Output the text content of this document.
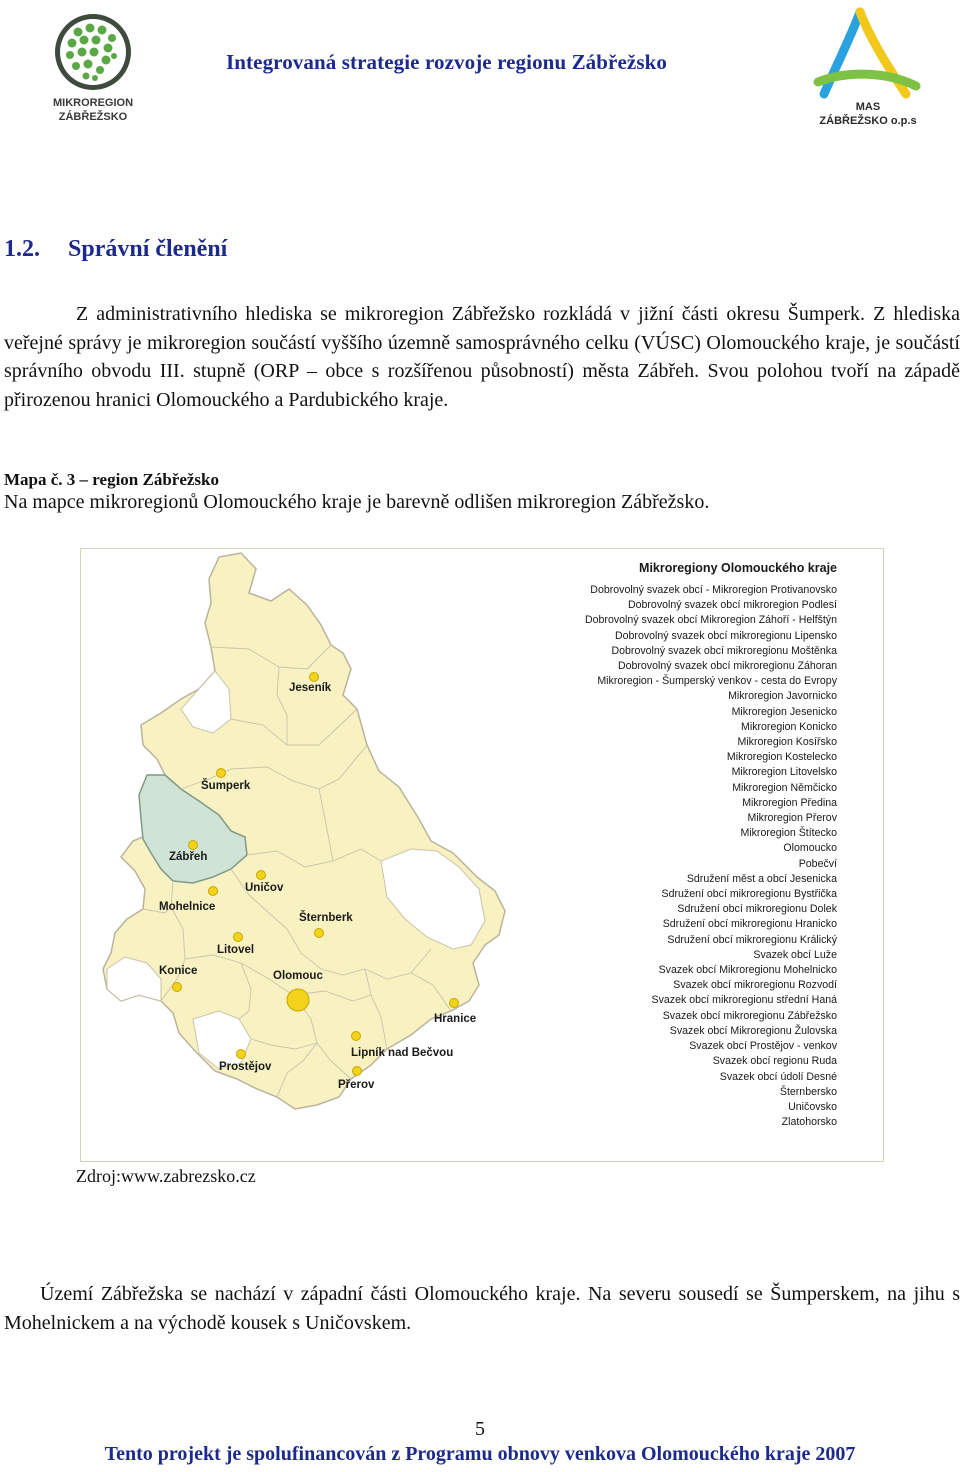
MIKROREGION
ZÁBŘEŽSKO
Integrovaná strategie rozvoje regionu Zábřežsko
MAS
ZÁBŘEŽSKO o.p.s
1.2. Správní členění

Z administrativního hlediska se mikroregion Zábřežsko rozkládá v jižní části okresu Šumperk. Z hlediska veřejné správy je mikroregion součástí vyššího územně samosprávného celku (VÚSC) Olomouckého kraje, je součástí správního obvodu III. stupně (ORP – obce s rozšířenou působností) města Zábřeh. Svou polohou tvoří na západě přirozenou hranici Olomouckého a Pardubického kraje.

Mapa č. 3 – region Zábřežsko
Na mapce mikroregionů Olomouckého kraje je barevně odlišen mikroregion Zábřežsko.
Jeseník
Šumperk
Zábřeh
Uničov
Mohelnice
Šternberk
Litovel
Konice	Olomouc
Hranice
Lipník nad Bečvou
Prostějov
Přerov
Mikroregiony Olomouckého kraje
Dobrovolný svazek obcí - Mikroregion Protivanovsko
Dobrovolný svazek obcí mikroregion Podlesí
Dobrovolný svazek obcí Mikroregion Záhoří - Helfštýn
Dobrovolný svazek obcí mikroregionu Lipensko
Dobrovolný svazek obcí mikroregionu Moštěnka
Dobrovolný svazek obcí mikroregionu Záhoran
Mikroregion - Šumperský venkov - cesta do Evropy
Mikroregion Javornicko
Mikroregion Jesenicko
Mikroregion Konicko
Mikroregion Kosířsko
Mikroregion Kostelecko
Mikroregion Litovelsko
Mikroregion Němčicko
Mikroregion Předina
Mikroregion Přerov
Mikroregion Štítecko
Olomoucko
Pobečví
Sdružení měst a obcí Jesenicka
Sdružení obcí mikroregionu Bystřička
Sdružení obcí mikroregionu Dolek
Sdružení obcí mikroregionu Hranicko
Sdružení obcí mikroregionu Králický
Svazek obcí Luže
Svazek obcí Mikroregionu Mohelnicko
Svazek obcí mikroregionu Rozvodí
Svazek obcí mikroregionu střední Haná
Svazek obcí mikroregionu Zábřežsko
Svazek obcí Mikroregionu Žulovska
Svazek obcí Prostějov - venkov
Svazek obcí regionu Ruda
Svazek obcí údolí Desné
Šternbersko
Uničovsko
Zlatohorsko
Zdroj:www.zabrezsko.cz

Území Zábřežska se nachází v západní části Olomouckého kraje. Na severu sousedí se Šumperskem, na jihu s Mohelnickem a na východě kousek s Uničovskem.

5
Tento projekt je spolufinancován z Programu obnovy venkova Olomouckého kraje 2007
